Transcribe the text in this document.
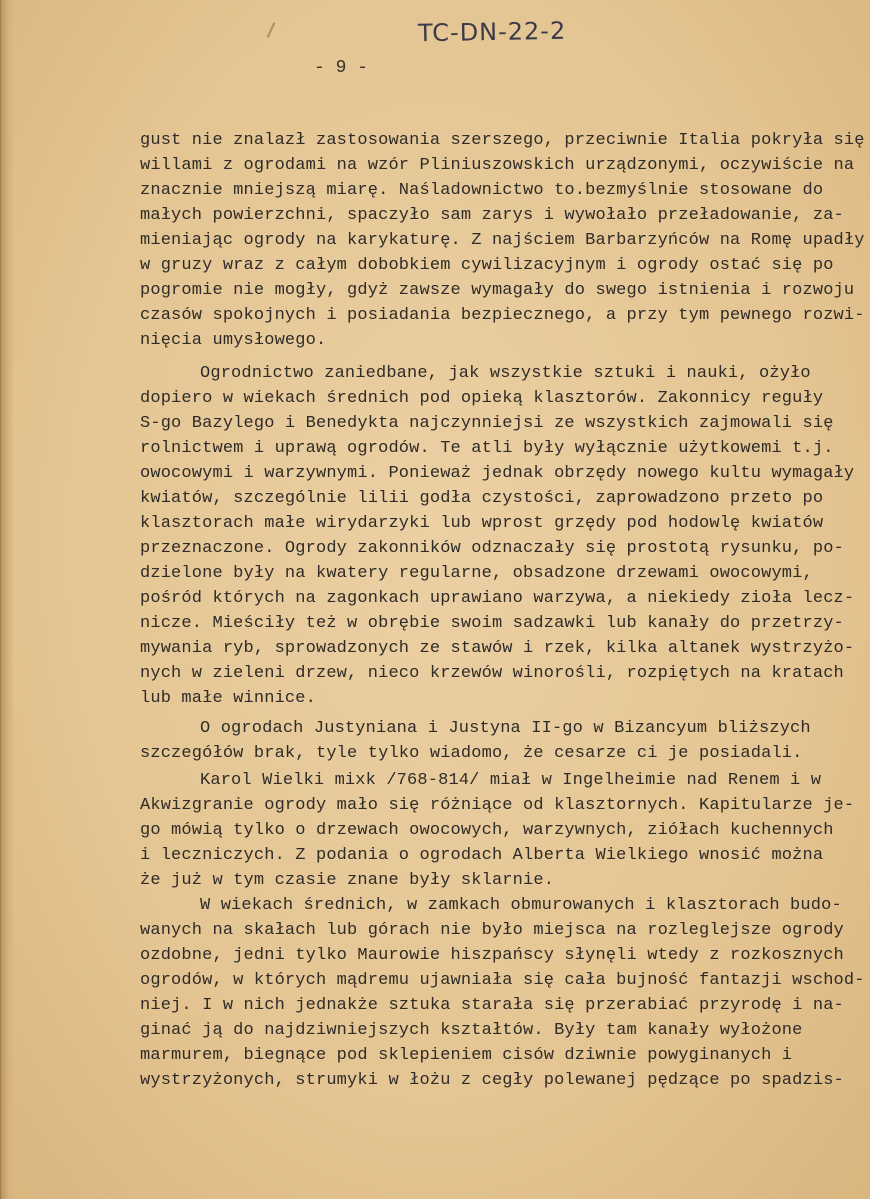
TC-DN-22-2
- 9 -
gust nie znalazł zastosowania szerszego, przeciwnie Italia pokryła się
willami z ogrodami na wzór Pliniuszowskich urządzonymi, oczywiście na
znacznie mniejszą miarę. Naśladownictwo to.bezmyślnie stosowane do
małych powierzchni, spaczyło sam zarys i wywołało przeładowanie, za-
mieniając ogrody na karykaturę. Z najściem Barbarzyńców na Romę upadły
w gruzy wraz z całym dobobkiem cywilizacyjnym i ogrody ostać się po
pogromie nie mogły, gdyż zawsze wymagały do swego istnienia i rozwoju
czasów spokojnych i posiadania bezpiecznego, a przy tym pewnego rozwi-
nięcia umysłowego.
Ogrodnictwo zaniedbane, jak wszystkie sztuki i nauki, ożyło
dopiero w wiekach średnich pod opieką klasztorów. Zakonnicy reguły
S-go Bazylego i Benedykta najczynniejsi ze wszystkich zajmowali się
rolnictwem i uprawą ogrodów. Te atli były wyłącznie użytkowemi t.j.
owocowymi i warzywnymi. Ponieważ jednak obrzędy nowego kultu wymagały
kwiatów, szczególnie lilii godła czystości, zaprowadzono przeto po
klasztorach małe wirydarzyki lub wprost grzędy pod hodowlę kwiatów
przeznaczone. Ogrody zakonników odznaczały się prostotą rysunku, po-
dzielone były na kwatery regularne, obsadzone drzewami owocowymi,
pośród których na zagonkach uprawiano warzywa, a niekiedy zioła lecz-
nicze. Mieściły też w obrębie swoim sadzawki lub kanały do przetrzy-
mywania ryb, sprowadzonych ze stawów i rzek, kilka altanek wystrzyżo-
nych w zieleni drzew, nieco krzewów winorośli, rozpiętych na kratach
lub małe winnice.
O ogrodach Justyniana i Justyna II-go w Bizancyum bliższych
szczegółów brak, tyle tylko wiadomo, że cesarze ci je posiadali.
Karol Wielki mixk /768-814/ miał w Ingelheimie nad Renem i w
Akwizgranie ogrody mało się różniące od klasztornych. Kapitularze je-
go mówią tylko o drzewach owocowych, warzywnych, ziółach kuchennych
i leczniczych. Z podania o ogrodach Alberta Wielkiego wnosić można
że już w tym czasie znane były sklarnie.
W wiekach średnich, w zamkach obmurowanych i klasztorach budo-
wanych na skałach lub górach nie było miejsca na rozleglejsze ogrody
ozdobne, jedni tylko Maurowie hiszpańscy słynęli wtedy z rozkosznych
ogrodów, w których mądremu ujawniała się cała bujność fantazji wschod-
niej. I w nich jednakże sztuka starała się przerabiać przyrodę i na-
ginać ją do najdziwniejszych kształtów. Były tam kanały wyłożone
marmurem, biegnące pod sklepieniem cisów dziwnie powyginanych i
wystrzyżonych, strumyki w łożu z cegły polewanej pędzące po spadzis-
